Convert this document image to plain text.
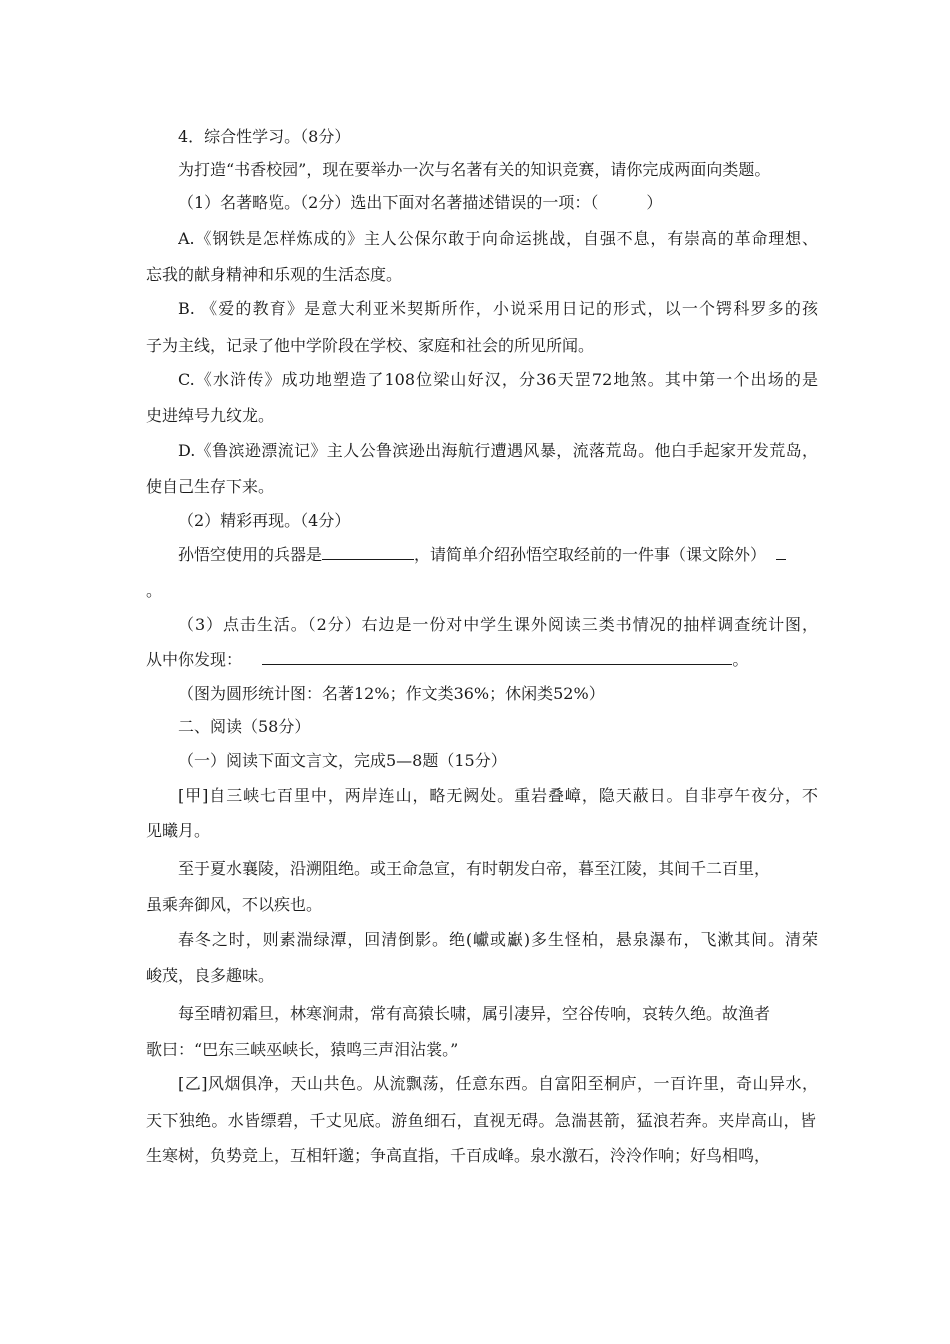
4．综合性学习。（8分）
为打造“书香校园”，现在要举办一次与名著有关的知识竞赛，请你完成两面向类题。
（1）名著略览。（2分）选出下面对名著描述错误的一项：（　　　）
A.《钢铁是怎样炼成的》主人公保尔敢于向命运挑战，自强不息，有崇高的革命理想、
忘我的献身精神和乐观的生活态度。
B. 《爱的教育》是意大利亚米契斯所作，小说采用日记的形式，以一个锷科罗多的孩
子为主线，记录了他中学阶段在学校、家庭和社会的所见所闻。
C.《水浒传》成功地塑造了108位梁山好汉，分36天罡72地煞。其中第一个出场的是
史进绰号九纹龙。
D.《鲁滨逊漂流记》主人公鲁滨逊出海航行遭遇风暴，流落荒岛。他白手起家开发荒岛，
使自己生存下来。
（2）精彩再现。（4分）
孙悟空使用的兵器是	，请简单介绍孙悟空取经前的一件事（课文除外）
。
（3）点击生活。（2分）右边是一份对中学生课外阅读三类书情况的抽样调查统计图，
从中你发现：	。
（图为圆形统计图：名著12%；作文类36%；休闲类52%）
二、阅读（58分）
（一）阅读下面文言文，完成5—8题（15分）
[甲]自三峡七百里中，两岸连山，略无阙处。重岩叠嶂，隐天蔽日。自非亭午夜分，不
见曦月。
至于夏水襄陵，沿溯阻绝。或王命急宣，有时朝发白帝，暮至江陵，其间千二百里，
虽乘奔御风，不以疾也。
春冬之时，则素湍绿潭，回清倒影。绝(巘或巚)多生怪柏，悬泉瀑布，飞漱其间。清荣
峻茂，良多趣味。
每至晴初霜旦，林寒涧肃，常有高猿长啸，属引凄异，空谷传响，哀转久绝。故渔者
歌曰：“巴东三峡巫峡长，猿鸣三声泪沾裳。”
[乙]风烟俱净，天山共色。从流飘荡，任意东西。自富阳至桐庐，一百许里，奇山异水，
天下独绝。水皆缥碧，千丈见底。游鱼细石，直视无碍。急湍甚箭，猛浪若奔。夹岸高山，皆
生寒树，负势竞上，互相轩邈；争高直指，千百成峰。泉水激石，泠泠作响；好鸟相鸣，
